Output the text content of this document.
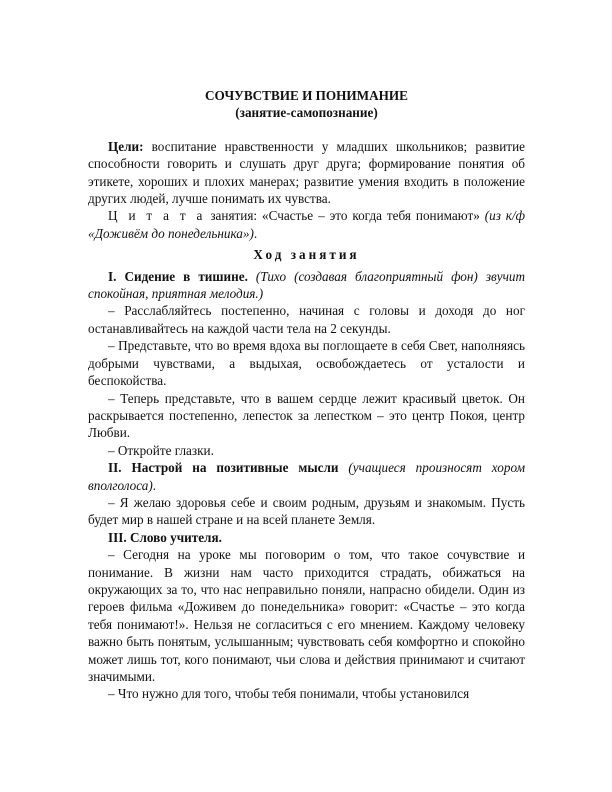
СОЧУВСТВИЕ И ПОНИМАНИЕ

(занятие-самопознание)

Цели: воспитание нравственности у младших школьников; развитие способности говорить и слушать друг друга; формирование понятия об этикете, хороших и плохих манерах; развитие умения входить в положение других людей, лучше понимать их чувства.

Ц и т а т а занятия: «Счастье – это когда тебя понимают» (из к/ф «Доживём до понедельника»).

Ход занятия

I. Сидение в тишине. (Тихо (создавая благоприятный фон) звучит спокойная, приятная мелодия.)

– Расслабляйтесь постепенно, начиная с головы и доходя до ног останавливайтесь на каждой части тела на 2 секунды.

– Представьте, что во время вдоха вы поглощаете в себя Свет, наполняясь добрыми чувствами, а выдыхая, освобождаетесь от усталости и беспокойства.

– Теперь представьте, что в вашем сердце лежит красивый цветок. Он раскрывается постепенно, лепесток за лепестком – это центр Покоя, центр Любви.

– Откройте глазки.

II. Настрой на позитивные мысли (учащиеся произносят хором вполголоса).

– Я желаю здоровья себе и своим родным, друзьям и знакомым. Пусть будет мир в нашей стране и на всей планете Земля.

III. Слово учителя.

– Сегодня на уроке мы поговорим о том, что такое сочувствие и понимание. В жизни нам часто приходится страдать, обижаться на окружающих за то, что нас неправильно поняли, напрасно обидели. Один из героев фильма «Доживем до понедельника» говорит: «Счастье – это когда тебя понимают!». Нельзя не согласиться с его мнением. Каждому человеку важно быть понятым, услышанным; чувствовать себя комфортно и спокойно может лишь тот, кого понимают, чьи слова и действия принимают и считают значимыми.

– Что нужно для того, чтобы тебя понимали, чтобы установился
